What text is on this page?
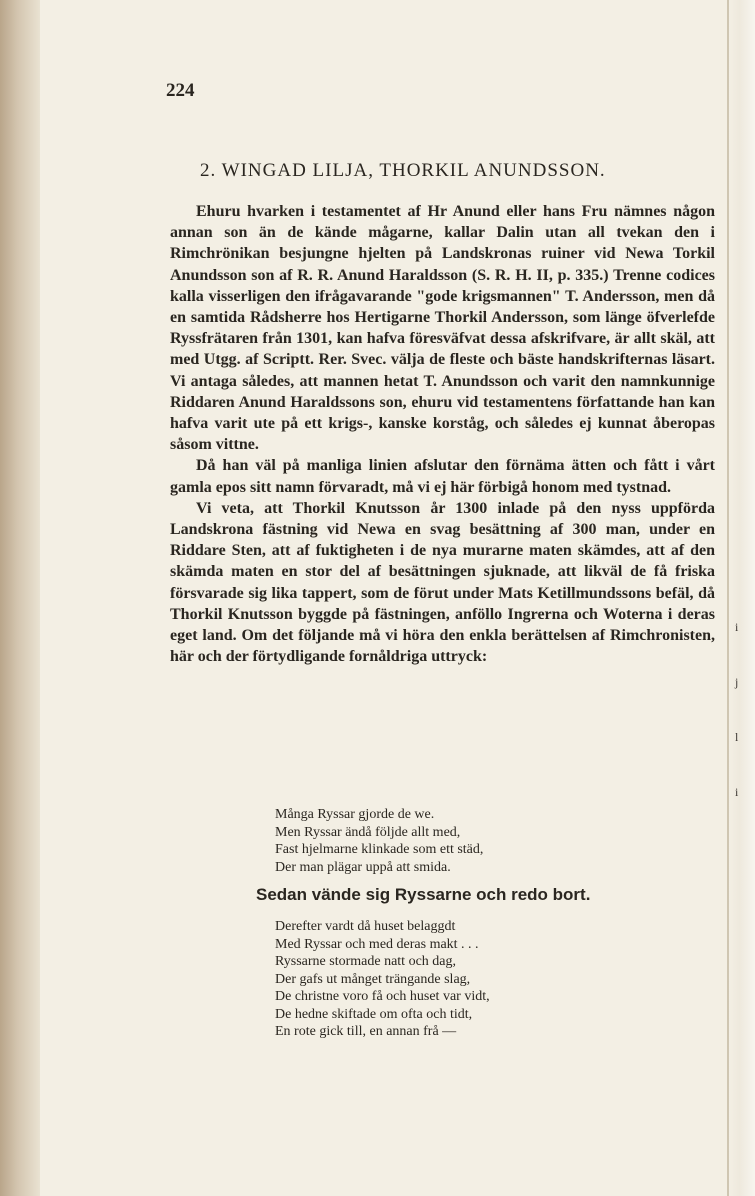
224
2. WINGAD LILJA, THORKIL ANUNDSSON.

Ehuru hvarken i testamentet af Hr Anund eller hans Fru nämnes någon annan son än de kände mågarne, kallar Dalin utan all tvekan den i Rimchrönikan besjungne hjelten på Landskronas ruiner vid Newa Torkil Anundsson son af R. R. Anund Haraldsson (S. R. H. II, p. 335.) Trenne codices kalla visserligen den ifrågavarande "gode krigsmannen" T. Andersson, men då en samtida Rådsherre hos Hertigarne Thorkil Andersson, som länge öfverlefde Ryssfrätaren från 1301, kan hafva föresväfvat dessa afskrifvare, är allt skäl, att med Utgg. af Scriptt. Rer. Svec. välja de fleste och bäste handskrifternas läsart. Vi antaga således, att mannen hetat T. Anundsson och varit den namnkunnige Riddaren Anund Haraldssons son, ehuru vid testamentens författande han kan hafva varit ute på ett krigs-, kanske korståg, och således ej kunnat åberopas såsom vittne.

Då han väl på manliga linien afslutar den förnäma ätten och fått i vårt gamla epos sitt namn förvaradt, må vi ej här förbigå honom med tystnad.

Vi veta, att Thorkil Knutsson år 1300 inlade på den nyss uppförda Landskrona fästning vid Newa en svag besättning af 300 man, under en Riddare Sten, att af fuktigheten i de nya murarne maten skämdes, att af den skämda maten en stor del af besättningen sjuknade, att likväl de få friska försvarade sig lika tappert, som de förut under Mats Ketillmundssons befäl, då Thorkil Knutsson byggde på fästningen, anföllo Ingrerna och Woterna i deras eget land. Om det följande må vi höra den enkla berättelsen af Rimchronisten, här och der förtydligande fornåldriga uttryck:

Många Ryssar gjorde de we.
Men Ryssar ändå följde allt med,
Fast hjelmarne klinkade som ett städ,
Der man plägar uppå att smida.
Sedan vände sig Ryssarne och redo bort.
Derefter vardt då huset belaggdt
Med Ryssar och med deras makt . . .
Ryssarne stormade natt och dag,
Der gafs ut månget trängande slag,
De christne voro få och huset var vidt,
De hedne skiftade om ofta och tidt,
En rote gick till, en annan frå —
i
j
l
i
